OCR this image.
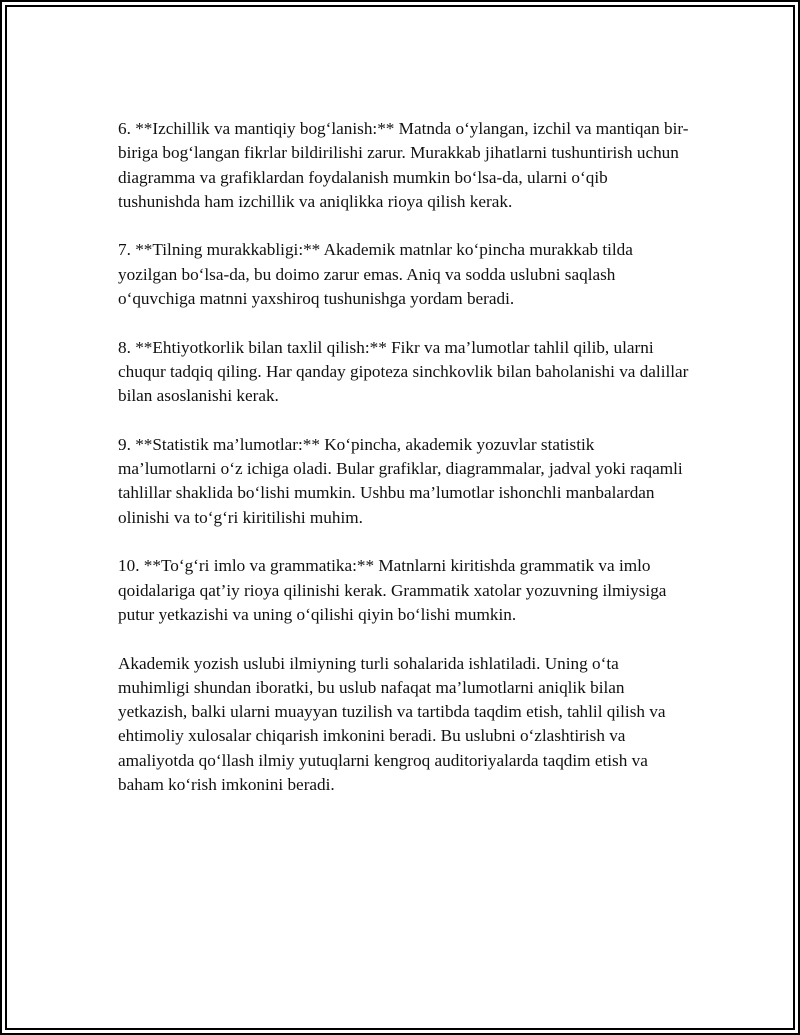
6. **Izchillik va mantiqiy bog‘lanish:** Matnda o‘ylangan, izchil va mantiqan bir-biriga bog‘langan fikrlar bildirilishi zarur. Murakkab jihatlarni tushuntirish uchun diagramma va grafiklardan foydalanish mumkin bo‘lsa-da, ularni o‘qib tushunishda ham izchillik va aniqlikka rioya qilish kerak.

7. **Tilning murakkabligi:** Akademik matnlar ko‘pincha murakkab tilda yozilgan bo‘lsa-da, bu doimo zarur emas. Aniq va sodda uslubni saqlash o‘quvchiga matnni yaxshiroq tushunishga yordam beradi.

8. **Ehtiyotkorlik bilan taxlil qilish:** Fikr va ma’lumotlar tahlil qilib, ularni chuqur tadqiq qiling. Har qanday gipoteza sinchkovlik bilan baholanishi va dalillar bilan asoslanishi kerak.

9. **Statistik ma’lumotlar:** Ko‘pincha, akademik yozuvlar statistik ma’lumotlarni o‘z ichiga oladi. Bular grafiklar, diagrammalar, jadval yoki raqamli tahlillar shaklida bo‘lishi mumkin. Ushbu ma’lumotlar ishonchli manbalardan olinishi va to‘g‘ri kiritilishi muhim.

10. **To‘g‘ri imlo va grammatika:** Matnlarni kiritishda grammatik va imlo qoidalariga qat’iy rioya qilinishi kerak. Grammatik xatolar yozuvning ilmiysiga putur yetkazishi va uning o‘qilishi qiyin bo‘lishi mumkin.

Akademik yozish uslubi ilmiyning turli sohalarida ishlatiladi. Uning o‘ta muhimligi shundan iboratki, bu uslub nafaqat ma’lumotlarni aniqlik bilan yetkazish, balki ularni muayyan tuzilish va tartibda taqdim etish, tahlil qilish va ehtimoliy xulosalar chiqarish imkonini beradi. Bu uslubni o‘zlashtirish va amaliyotda qo‘llash ilmiy yutuqlarni kengroq auditoriyalarda taqdim etish va baham ko‘rish imkonini beradi.
